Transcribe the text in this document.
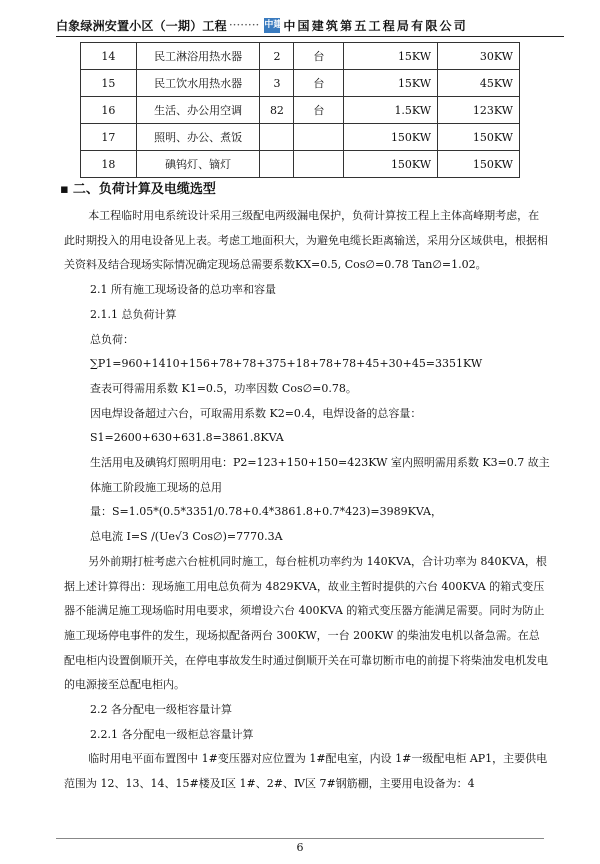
白象绿洲安置小区（一期）工程 ········ 中建 中国建筑第五工程局有限公司
14	民工淋浴用热水器	2	台	15KW	30KW
15	民工饮水用热水器	3	台	15KW	45KW
16	生活、办公用空调	82	台	1.5KW	123KW
17	照明、办公、煮饭			150KW	150KW
18	碘钨灯、镝灯			150KW	150KW
▪ 二、负荷计算及电缆选型
本工程临时用电系统设计采用三级配电两级漏电保护，负荷计算按工程上主体高峰期考虑，在此时期投入的用电设备见上表。考虑工地面积大，为避免电缆长距离输送，采用分区域供电，根据相关资料及结合现场实际情况确定现场总需要系数KX=0.5, Cos∅=0.78 Tan∅=1.02。
2.1 所有施工现场设备的总功率和容量
2.1.1 总负荷计算
总负荷：
∑P1=960+1410+156+78+78+375+18+78+78+45+30+45=3351KW
查表可得需用系数 K1=0.5，功率因数 Cos∅=0.78。
因电焊设备超过六台，可取需用系数 K2=0.4，电焊设备的总容量：
S1=2600+630+631.8=3861.8KVA
生活用电及碘钨灯照明用电：P2=123+150+150=423KW 室内照明需用系数 K3=0.7 故主体施工阶段施工现场的总用
量：S=1.05*(0.5*3351/0.78+0.4*3861.8+0.7*423)=3989KVA，
总电流 I=S /(Ue√3 Cos∅)=7770.3A
另外前期打桩考虑六台桩机同时施工，每台桩机功率约为 140KVA，合计功率为 840KVA，根据上述计算得出：现场施工用电总负荷为 4829KVA，故业主暂时提供的六台 400KVA 的箱式变压器不能满足施工现场临时用电要求，须增设六台 400KVA 的箱式变压器方能满足需要。同时为防止施工现场停电事件的发生，现场拟配备两台 300KW，一台 200KW 的柴油发电机以备急需。在总配电柜内设置倒顺开关，在停电事故发生时通过倒顺开关在可靠切断市电的前提下将柴油发电机发电的电源接至总配电柜内。
2.2 各分配电一级柜容量计算
2.2.1 各分配电一级柜总容量计算
临时用电平面布置图中 1#变压器对应位置为 1#配电室，内设 1#一级配电柜 AP1，主要供电范围为 12、13、14、15#楼及Ⅰ区 1#、2#、Ⅳ区 7#钢筋棚，主要用电设备为：4
6
